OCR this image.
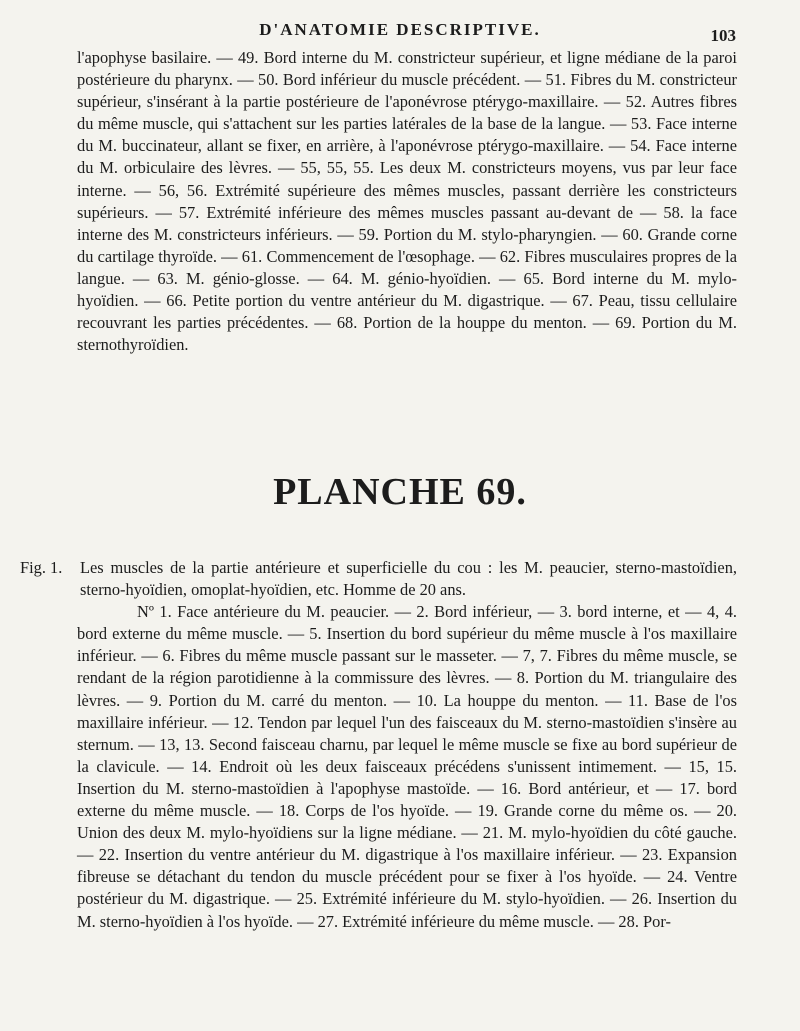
D'ANATOMIE DESCRIPTIVE.	103

l'apophyse basilaire. — 49. Bord interne du M. constricteur supérieur, et ligne médiane de la paroi postérieure du pharynx. — 50. Bord inférieur du muscle précédent. — 51. Fibres du M. constricteur supérieur, s'insérant à la partie postérieure de l'aponévrose ptérygo-maxillaire. — 52. Autres fibres du même muscle, qui s'attachent sur les parties latérales de la base de la langue. — 53. Face interne du M. buccinateur, allant se fixer, en arrière, à l'aponévrose ptérygo-maxillaire. — 54. Face interne du M. orbiculaire des lèvres. — 55, 55, 55. Les deux M. constricteurs moyens, vus par leur face interne. — 56, 56. Extrémité supérieure des mêmes muscles, passant derrière les constricteurs supérieurs. — 57. Extrémité inférieure des mêmes muscles passant au-devant de — 58. la face interne des M. constricteurs inférieurs. — 59. Portion du M. stylo-pharyngien. — 60. Grande corne du cartilage thyroïde. — 61. Commencement de l'œsophage. — 62. Fibres musculaires propres de la langue. — 63. M. génio-glosse. — 64. M. génio-hyoïdien. — 65. Bord interne du M. mylo-hyoïdien. — 66. Petite portion du ventre antérieur du M. digastrique. — 67. Peau, tissu cellulaire recouvrant les parties précédentes. — 68. Portion de la houppe du menton. — 69. Portion du M. sternothyroïdien.

PLANCHE 69.

Fig. 1. Les muscles de la partie antérieure et superficielle du cou : les M. peaucier, sterno-mastoïdien, sterno-hyoïdien, omoplat-hyoïdien, etc. Homme de 20 ans.

Nº 1. Face antérieure du M. peaucier. — 2. Bord inférieur, — 3. bord interne, et — 4, 4. bord externe du même muscle. — 5. Insertion du bord supérieur du même muscle à l'os maxillaire inférieur. — 6. Fibres du même muscle passant sur le masseter. — 7, 7. Fibres du même muscle, se rendant de la région parotidienne à la commissure des lèvres. — 8. Portion du M. triangulaire des lèvres. — 9. Portion du M. carré du menton. — 10. La houppe du menton. — 11. Base de l'os maxillaire inférieur. — 12. Tendon par lequel l'un des faisceaux du M. sterno-mastoïdien s'insère au sternum. — 13, 13. Second faisceau charnu, par lequel le même muscle se fixe au bord supérieur de la clavicule. — 14. Endroit où les deux faisceaux précédens s'unissent intimement. — 15, 15. Insertion du M. sterno-mastoïdien à l'apophyse mastoïde. — 16. Bord antérieur, et — 17. bord externe du même muscle. — 18. Corps de l'os hyoïde. — 19. Grande corne du même os. — 20. Union des deux M. mylo-hyoïdiens sur la ligne médiane. — 21. M. mylo-hyoïdien du côté gauche. — 22. Insertion du ventre antérieur du M. digastrique à l'os maxillaire inférieur. — 23. Expansion fibreuse se détachant du tendon du muscle précédent pour se fixer à l'os hyoïde. — 24. Ventre postérieur du M. digastrique. — 25. Extrémité inférieure du M. stylo-hyoïdien. — 26. Insertion du M. sterno-hyoïdien à l'os hyoïde. — 27. Extrémité inférieure du même muscle. — 28. Por-
